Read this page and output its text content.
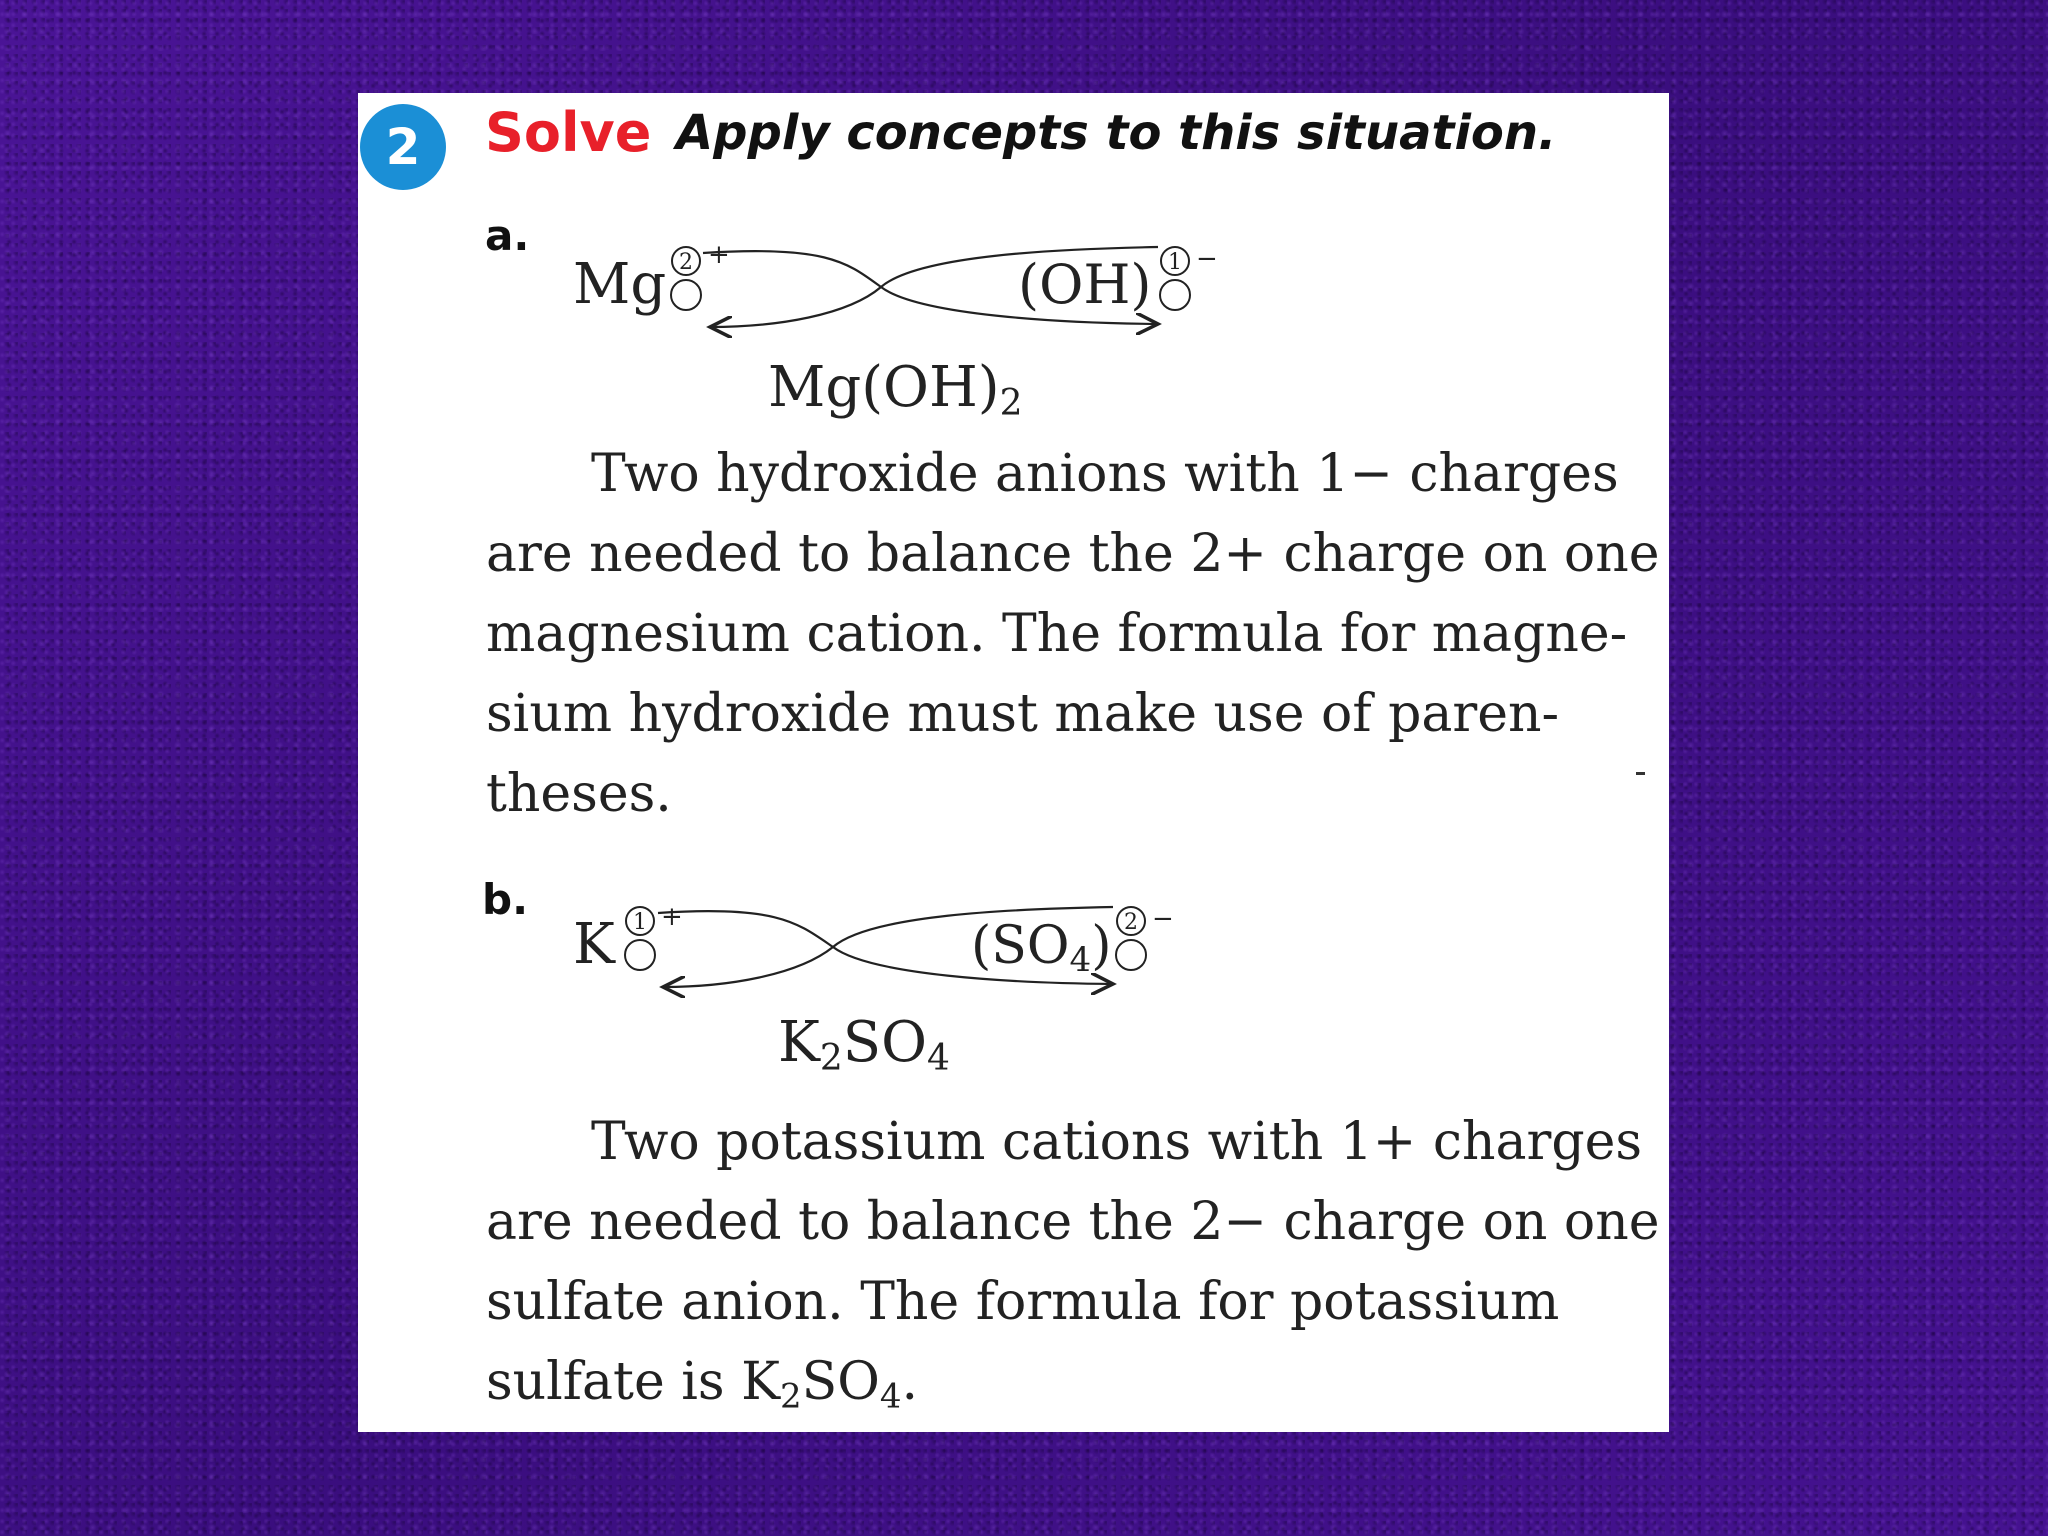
2	Solve Apply concepts to this situation.
a.
Mg 2 +	(OH) 1 −
$Mg(OH)_2$
Two hydroxide anions with 1− charges
are needed to balance the 2+ charge on one
magnesium cation. The formula for magne-
sium hydroxide must make use of paren-
theses.
b.
K 1 +	(SO4) 2 −
$K_2SO_4$
Two potassium cations with 1+ charges
are needed to balance the 2− charge on one
sulfate anion. The formula for potassium
sulfate is $K_2SO_4$.
